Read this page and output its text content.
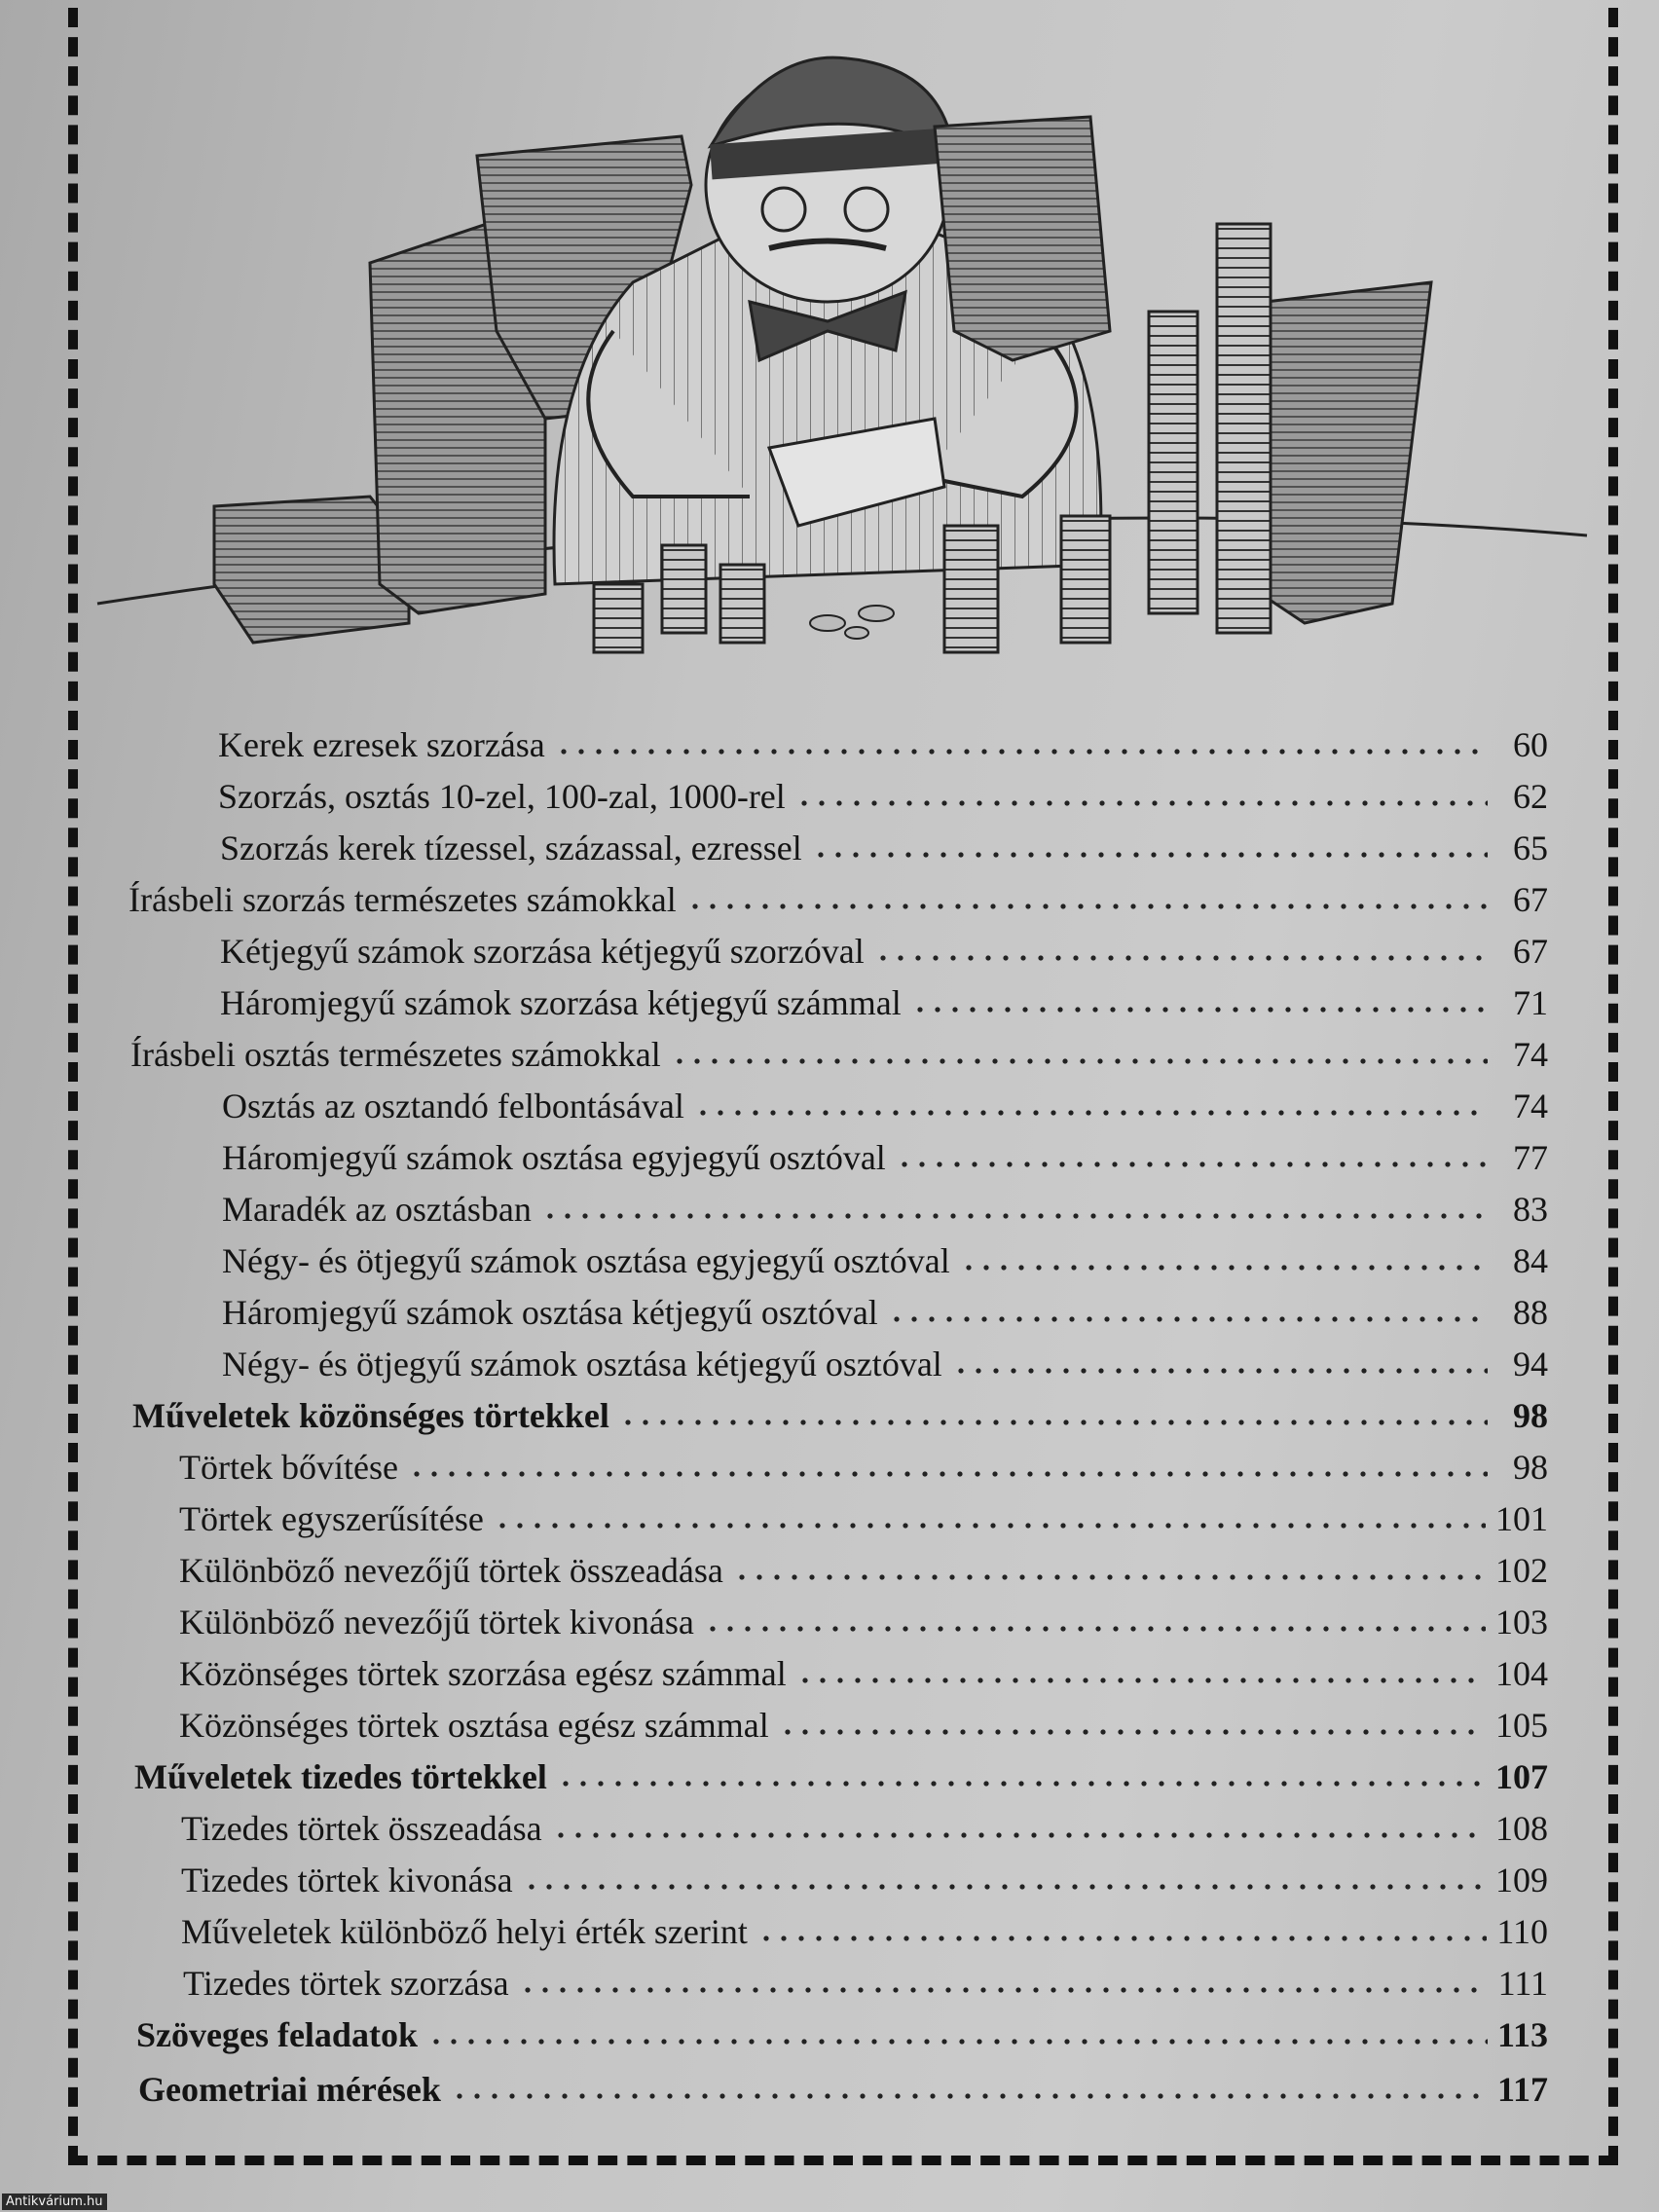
Kerek ezresek szorzása	60
Szorzás, osztás 10-zel, 100-zal, 1000-rel	62
Szorzás kerek tízessel, százassal, ezressel	65
Írásbeli szorzás természetes számokkal	67
Kétjegyű számok szorzása kétjegyű szorzóval	67
Háromjegyű számok szorzása kétjegyű számmal	71
Írásbeli osztás természetes számokkal	74
Osztás az osztandó felbontásával	74
Háromjegyű számok osztása egyjegyű osztóval	77
Maradék az osztásban	83
Négy- és ötjegyű számok osztása egyjegyű osztóval	84
Háromjegyű számok osztása kétjegyű osztóval	88
Négy- és ötjegyű számok osztása kétjegyű osztóval	94
Műveletek közönséges törtekkel	98
Törtek bővítése	98
Törtek egyszerűsítése	101
Különböző nevezőjű törtek összeadása	102
Különböző nevezőjű törtek kivonása	103
Közönséges törtek szorzása egész számmal	104
Közönséges törtek osztása egész számmal	105
Műveletek tizedes törtekkel	107
Tizedes törtek összeadása	108
Tizedes törtek kivonása	109
Műveletek különböző helyi érték szerint	110
Tizedes törtek szorzása	111
Szöveges feladatok	113
Geometriai mérések	117
Antikvárium.hu
